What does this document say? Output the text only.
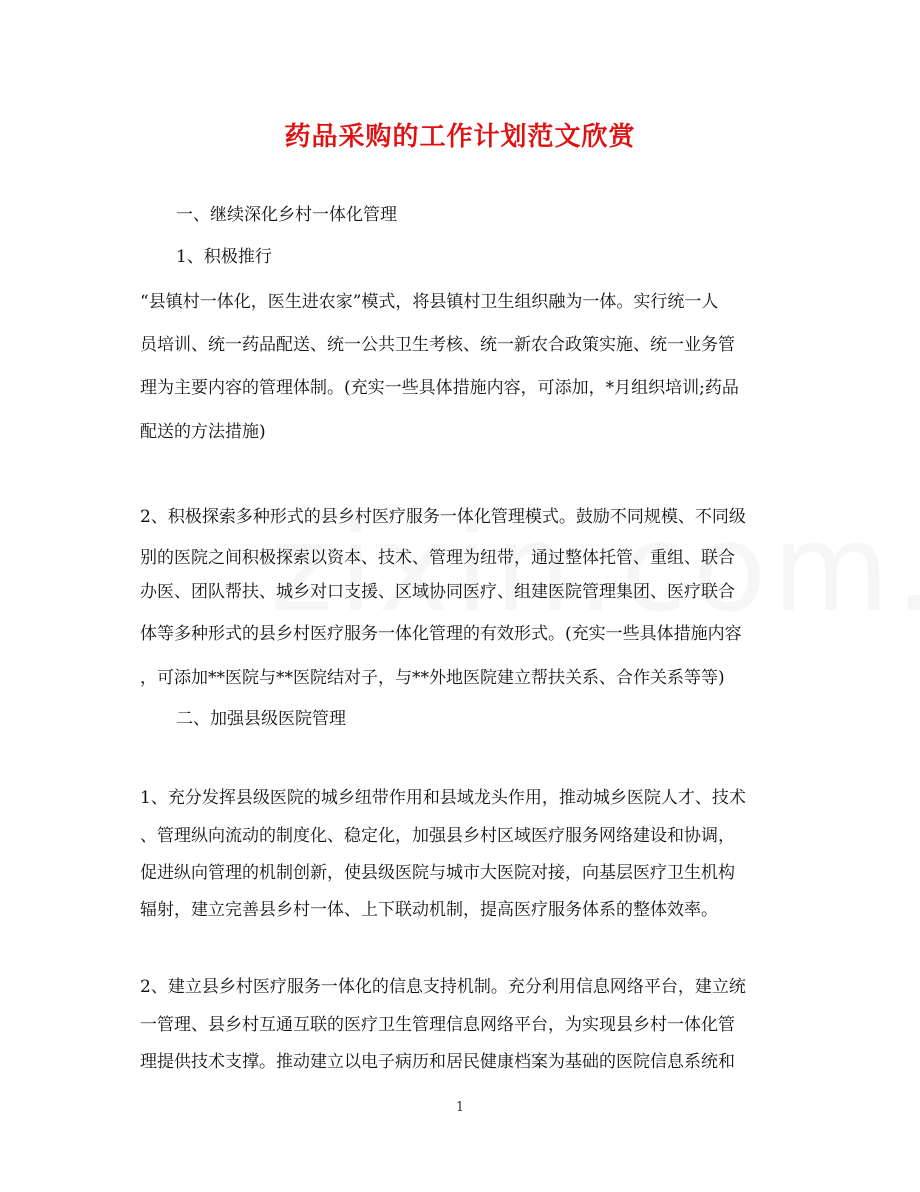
药品采购的工作计划范文欣赏
一、继续深化乡村一体化管理
1、积极推行
“县镇村一体化，医生进农家”模式，将县镇村卫生组织融为一体。实行统一人
员培训、统一药品配送、统一公共卫生考核、统一新农合政策实施、统一业务管
理为主要内容的管理体制。(充实一些具体措施内容，可添加，*月组织培训;药品
配送的方法措施)
2、积极探索多种形式的县乡村医疗服务一体化管理模式。鼓励不同规模、不同级
别的医院之间积极探索以资本、技术、管理为纽带，通过整体托管、重组、联合
办医、团队帮扶、城乡对口支援、区域协同医疗、组建医院管理集团、医疗联合
体等多种形式的县乡村医疗服务一体化管理的有效形式。(充实一些具体措施内容
，可添加**医院与**医院结对子，与**外地医院建立帮扶关系、合作关系等等)
二、加强县级医院管理
1、充分发挥县级医院的城乡纽带作用和县域龙头作用，推动城乡医院人才、技术
、管理纵向流动的制度化、稳定化，加强县乡村区域医疗服务网络建设和协调，
促进纵向管理的机制创新，使县级医院与城市大医院对接，向基层医疗卫生机构
辐射，建立完善县乡村一体、上下联动机制，提高医疗服务体系的整体效率。
2、建立县乡村医疗服务一体化的信息支持机制。充分利用信息网络平台，建立统
一管理、县乡村互通互联的医疗卫生管理信息网络平台，为实现县乡村一体化管
理提供技术支撑。推动建立以电子病历和居民健康档案为基础的医院信息系统和
1
